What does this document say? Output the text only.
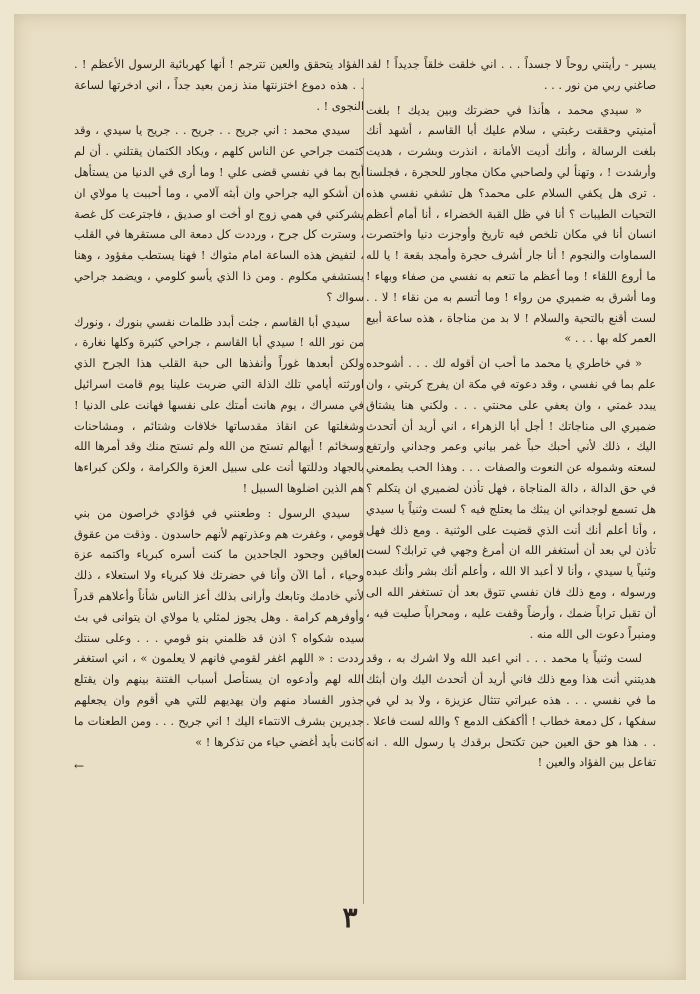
يسير - رأيتني روحاً لا جسداً . . . اني خلقت خلقاً جديداً ! لقد صاغني ربي من نور . . .

« سيدي محمد ، هأنذا في حضرتك وبين يديك ! بلغت أمنيتي وحققت رغبتي ، سلام عليك أبا القاسم ، أشهد أنك بلغت الرسالة ، وأنك أديت الأمانة ، انذرت وبشرت ، هديت وأرشدت ! ، وتهنأ لي ولصاحبي مكان مجاور للحجرة ، فجلسنا . ترى هل يكفي السلام على محمد؟ هل تشفي نفسي هذه التحيات الطيبات ؟ أنا في ظل القبة الخضراء ، أنا أمام أعظم انسان أنا في مكان تلخص فيه تاريخ وأوجزت دنيا واختصرت السماوات والنجوم ! أنا جار أشرف حجرة وأمجد بقعة ! يا لله ما أروع اللقاء ! وما أعظم ما تنعم به نفسي من صفاء وبهاء ! وما أشرق به ضميري من رواء ! وما أتسم به من نقاء ! لا . . لست أقنع بالتحية والسلام ! لا بد من مناجاة ، هذه ساعة أبيع العمر كله بها . . . »

« في خاطري يا محمد ما أحب ان أقوله لك . . . أشوحده علم بما في نفسي ، وقد دعوته في مكة ان يفرج كربتي ، وان يبدد غمتي ، وان يعفي على محنتي . . . ولكني هنا يشتاق ضميري الى مناجاتك ! أجل أبا الزهراء ، اني أريد أن أتحدث اليك ، ذلك لأني أحبك حباً غمر بياني وعمر وجداني وارتفع لسعته وشموله عن النعوت والصفات . . . وهذا الحب يطمعني في حق الدالة ، دالة المناجاة ، فهل تأذن لضميري ان يتكلم ؟ هل تسمع لوجداني ان يبثك ما يعتلج فيه ؟ لست وثنياً يا سيدي ، وأنا أعلم أنك أنت الذي قضيت على الوثنية . ومع ذلك فهل تأذن لي بعد أن أستغفر الله ان أمرغ وجهي في ترابك؟ لست وثنياً يا سيدي ، وأنا لا أعبد الا الله ، وأعلم أنك بشر وأنك عبده ورسوله ، ومع ذلك فان نفسي تتوق بعد أن تستغفر الله الى أن تقبل تراباً ضمك ، وأرضاً وقفت عليه ، ومحراباً صليت فيه ، ومنبراً دعوت الى الله منه .

لست وثنياً يا محمد . . . اني اعبد الله ولا اشرك به ، وقد هديتني أنت هذا ومع ذلك فاني أريد أن أتحدث اليك وان أبثك ما في نفسي . . . هذه عبراتي تتثال عزيزة ، ولا بد لي في سفكها ، كل دمعة خطاب ! أأكفكف الدمع ؟ والله لست فاعلا . . . هذا هو حق العين حين تكتحل برقدك يا رسول الله . انه تفاعل بين الفؤاد والعين !

الفؤاد يتحقق والعين تترجم ! أنها كهربائية الرسول الأعظم ! . . . هذه دموع اختزنتها منذ زمن بعيد جداً ، اني ادخرتها لساعة النجوى ! .

سيدي محمد : اني جريح . . جريح . . جريح يا سيدي ، وقد كتمت جراحي عن الناس كلهم ، ويكاد الكتمان يقتلني . أن لم أبح بما في نفسي قضى علي ! وما أرى في الدنيا من يستأهل ان أشكو اليه جراحي وان أبثه آلامي ، وما أحببت يا مولاي ان يشركني في همي زوج او أخت او صديق ، فاجترعت كل غصة ، وسترت كل جرح ، ورددت كل دمعة الى مستقرها في القلب ، لتفيض هذه الساعة امام مثواك ! فهنا يستطب مفؤود ، وهنا يستشفي مكلوم . ومن ذا الذي يأسو كلومي ، ويضمد جراحي سواك ؟

سيدي أبا القاسم ، جئت أبدد ظلمات نفسي بنورك ، ونورك من نور الله ! سيدي أبا القاسم ، جراحي كثيرة وكلها نغارة ، ولكن أبعدها غوراً وأنفذها الى حبة القلب هذا الجرح الذي اورثته أيامي تلك الذلة التي ضربت علينا يوم قامت اسرائيل في مسراك ، يوم هانت أمتك على نفسها فهانت على الدنيا ! وشغلتها عن انقاذ مقدساتها خلافات وشتائم ، ومشاحنات وسخائم ! أيهالم تستح من الله ولم تستح منك وقد أمرها الله بالجهاد ودللتها أنت على سبيل العزة والكرامة ، ولكن كبراءها هم الذين اضلوها السبيل !

سيدي الرسول : وطعنني في فؤادي خراصون من بني قومي ، وغفرت هم وعذرتهم لأنهم حاسدون . وذقت من عقوق العاقين وجحود الجاحدين ما كنت أسره كبرياء واكتمه عزة وحياء ، أما الآن وأنا في حضرتك فلا كبرياء ولا استعلاء ، ذلك لأني خادمك وتابعك وأرانى بذلك أعز الناس شأناً وأعلاهم قدراً وأوفرهم كرامة . وهل يجوز لمثلي يا مولاي ان يتوانى في بث سيده شكواه ؟ اذن قد ظلمني بنو قومي . . . وعلى سنتك رددت : « اللهم اغفر لقومي فانهم لا يعلمون » ، اني استغفر الله لهم وأدعوه ان يستأصل أسباب الفتنة بينهم وان يقتلع جذور الفساد منهم وان يهديهم للتي هي أقوم وان يجعلهم جديرين بشرف الانتماء اليك ! اني جريح . . . ومن الطعنات ما كانت بأيد أغضي حياء من تذكرها ! »

←
٣
